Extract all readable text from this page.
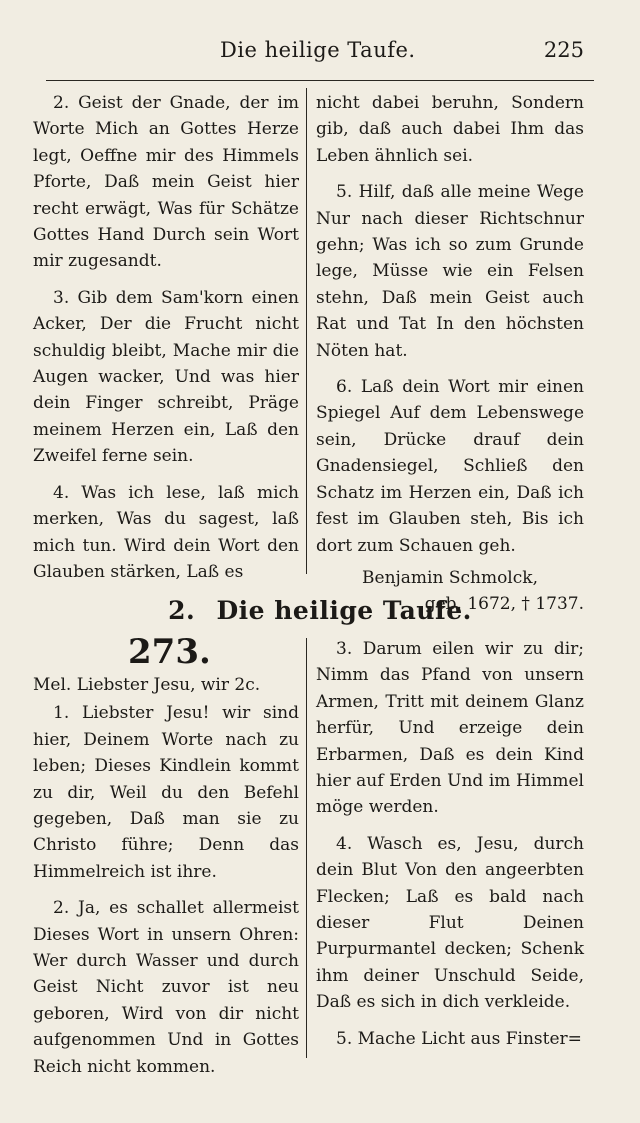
Die heilige Taufe.	225

2. Geist der Gnade, der im Worte Mich an Gottes Herze legt, Oeffne mir des Himmels Pforte, Daß mein Geist hier recht erwägt, Was für Schätze Gottes Hand Durch sein Wort mir zugesandt.

3. Gib dem Sam'korn einen Acker, Der die Frucht nicht schuldig bleibt, Mache mir die Augen wacker, Und was hier dein Finger schreibt, Präge meinem Herzen ein, Laß den Zweifel ferne sein.

4. Was ich lese, laß mich merken, Was du sagest, laß mich tun. Wird dein Wort den Glauben stärken, Laß es

nicht dabei beruhn, Sondern gib, daß auch dabei Ihm das Leben ähnlich sei.

5. Hilf, daß alle meine Wege Nur nach dieser Richtschnur gehn; Was ich so zum Grunde lege, Müsse wie ein Felsen stehn, Daß mein Geist auch Rat und Tat In den höchsten Nöten hat.

6. Laß dein Wort mir einen Spiegel Auf dem Lebenswege sein, Drücke drauf dein Gnadensiegel, Schließ den Schatz im Herzen ein, Daß ich fest im Glauben steh, Bis ich dort zum Schauen geh.

Benjamin Schmolck,
geb. 1672, † 1737.
2. Die heilige Taufe.
273.

Mel. Liebster Jesu, wir 2c.

1. Liebster Jesu! wir sind hier, Deinem Worte nach zu leben; Dieses Kindlein kommt zu dir, Weil du den Befehl gegeben, Daß man sie zu Christo führe; Denn das Himmelreich ist ihre.

2. Ja, es schallet allermeist Dieses Wort in unsern Ohren: Wer durch Wasser und durch Geist Nicht zuvor ist neu geboren, Wird von dir nicht aufgenommen Und in Gottes Reich nicht kommen.

3. Darum eilen wir zu dir; Nimm das Pfand von unsern Armen, Tritt mit deinem Glanz herfür, Und erzeige dein Erbarmen, Daß es dein Kind hier auf Erden Und im Himmel möge werden.

4. Wasch es, Jesu, durch dein Blut Von den angeerbten Flecken; Laß es bald nach dieser Flut Deinen Purpurmantel decken; Schenk ihm deiner Unschuld Seide, Daß es sich in dich verkleide.

5. Mache Licht aus Finster=
